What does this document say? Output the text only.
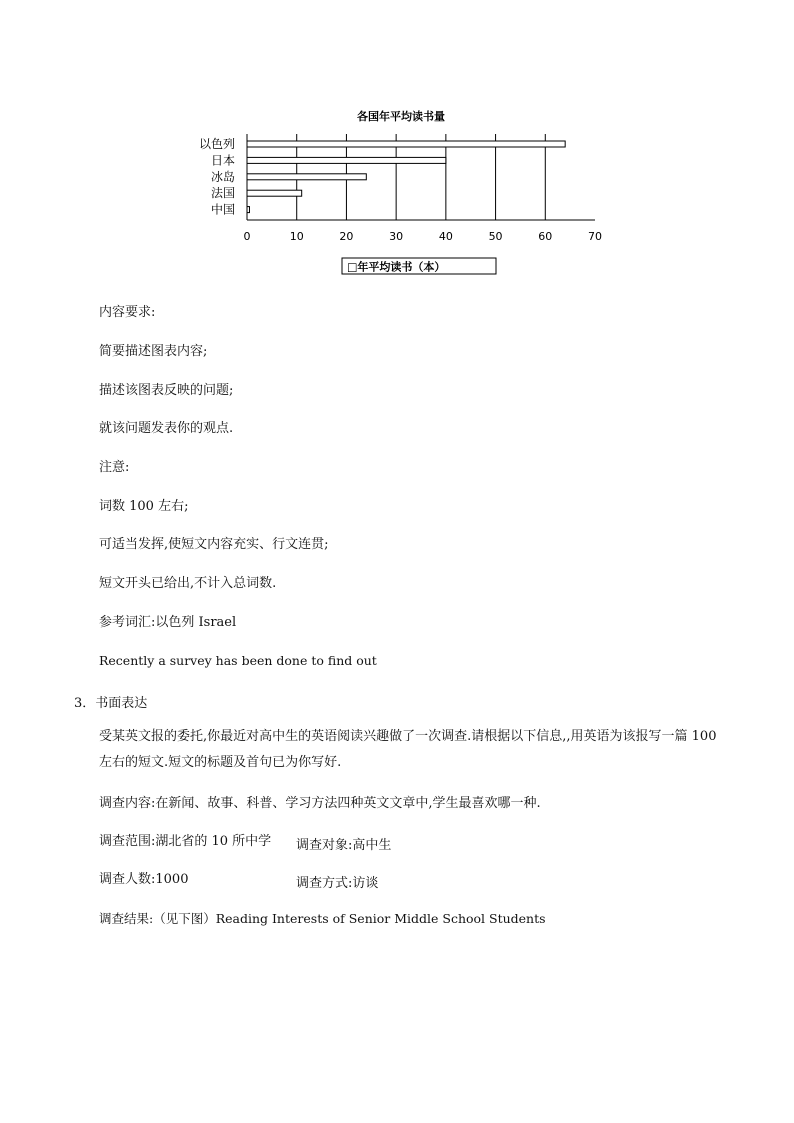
各国年平均读书量
0	10	20	30	40	50	60	70
以色列
日本
冰岛
法国
中国
□年平均读书（本）
内容要求:
简要描述图表内容;
描述该图表反映的问题;
就该问题发表你的观点.
注意:
词数 100 左右;
可适当发挥,使短文内容充实、行文连贯;
短文开头已给出,不计入总词数.
参考词汇:以色列 Israel
Recently a survey has been done to find out
3．书面表达
受某英文报的委托,你最近对高中生的英语阅读兴趣做了一次调查.请根据以下信息,,用英语为该报写一篇 100 左右的短文.短文的标题及首句已为你写好.
调查内容:在新闻、故事、科普、学习方法四种英文文章中,学生最喜欢哪一种.
调查范围:湖北省的 10 所中学 调查对象:高中生
调查人数:1000	调查方式:访谈
调查结果:（见下图）Reading Interests of Senior Middle School Students
